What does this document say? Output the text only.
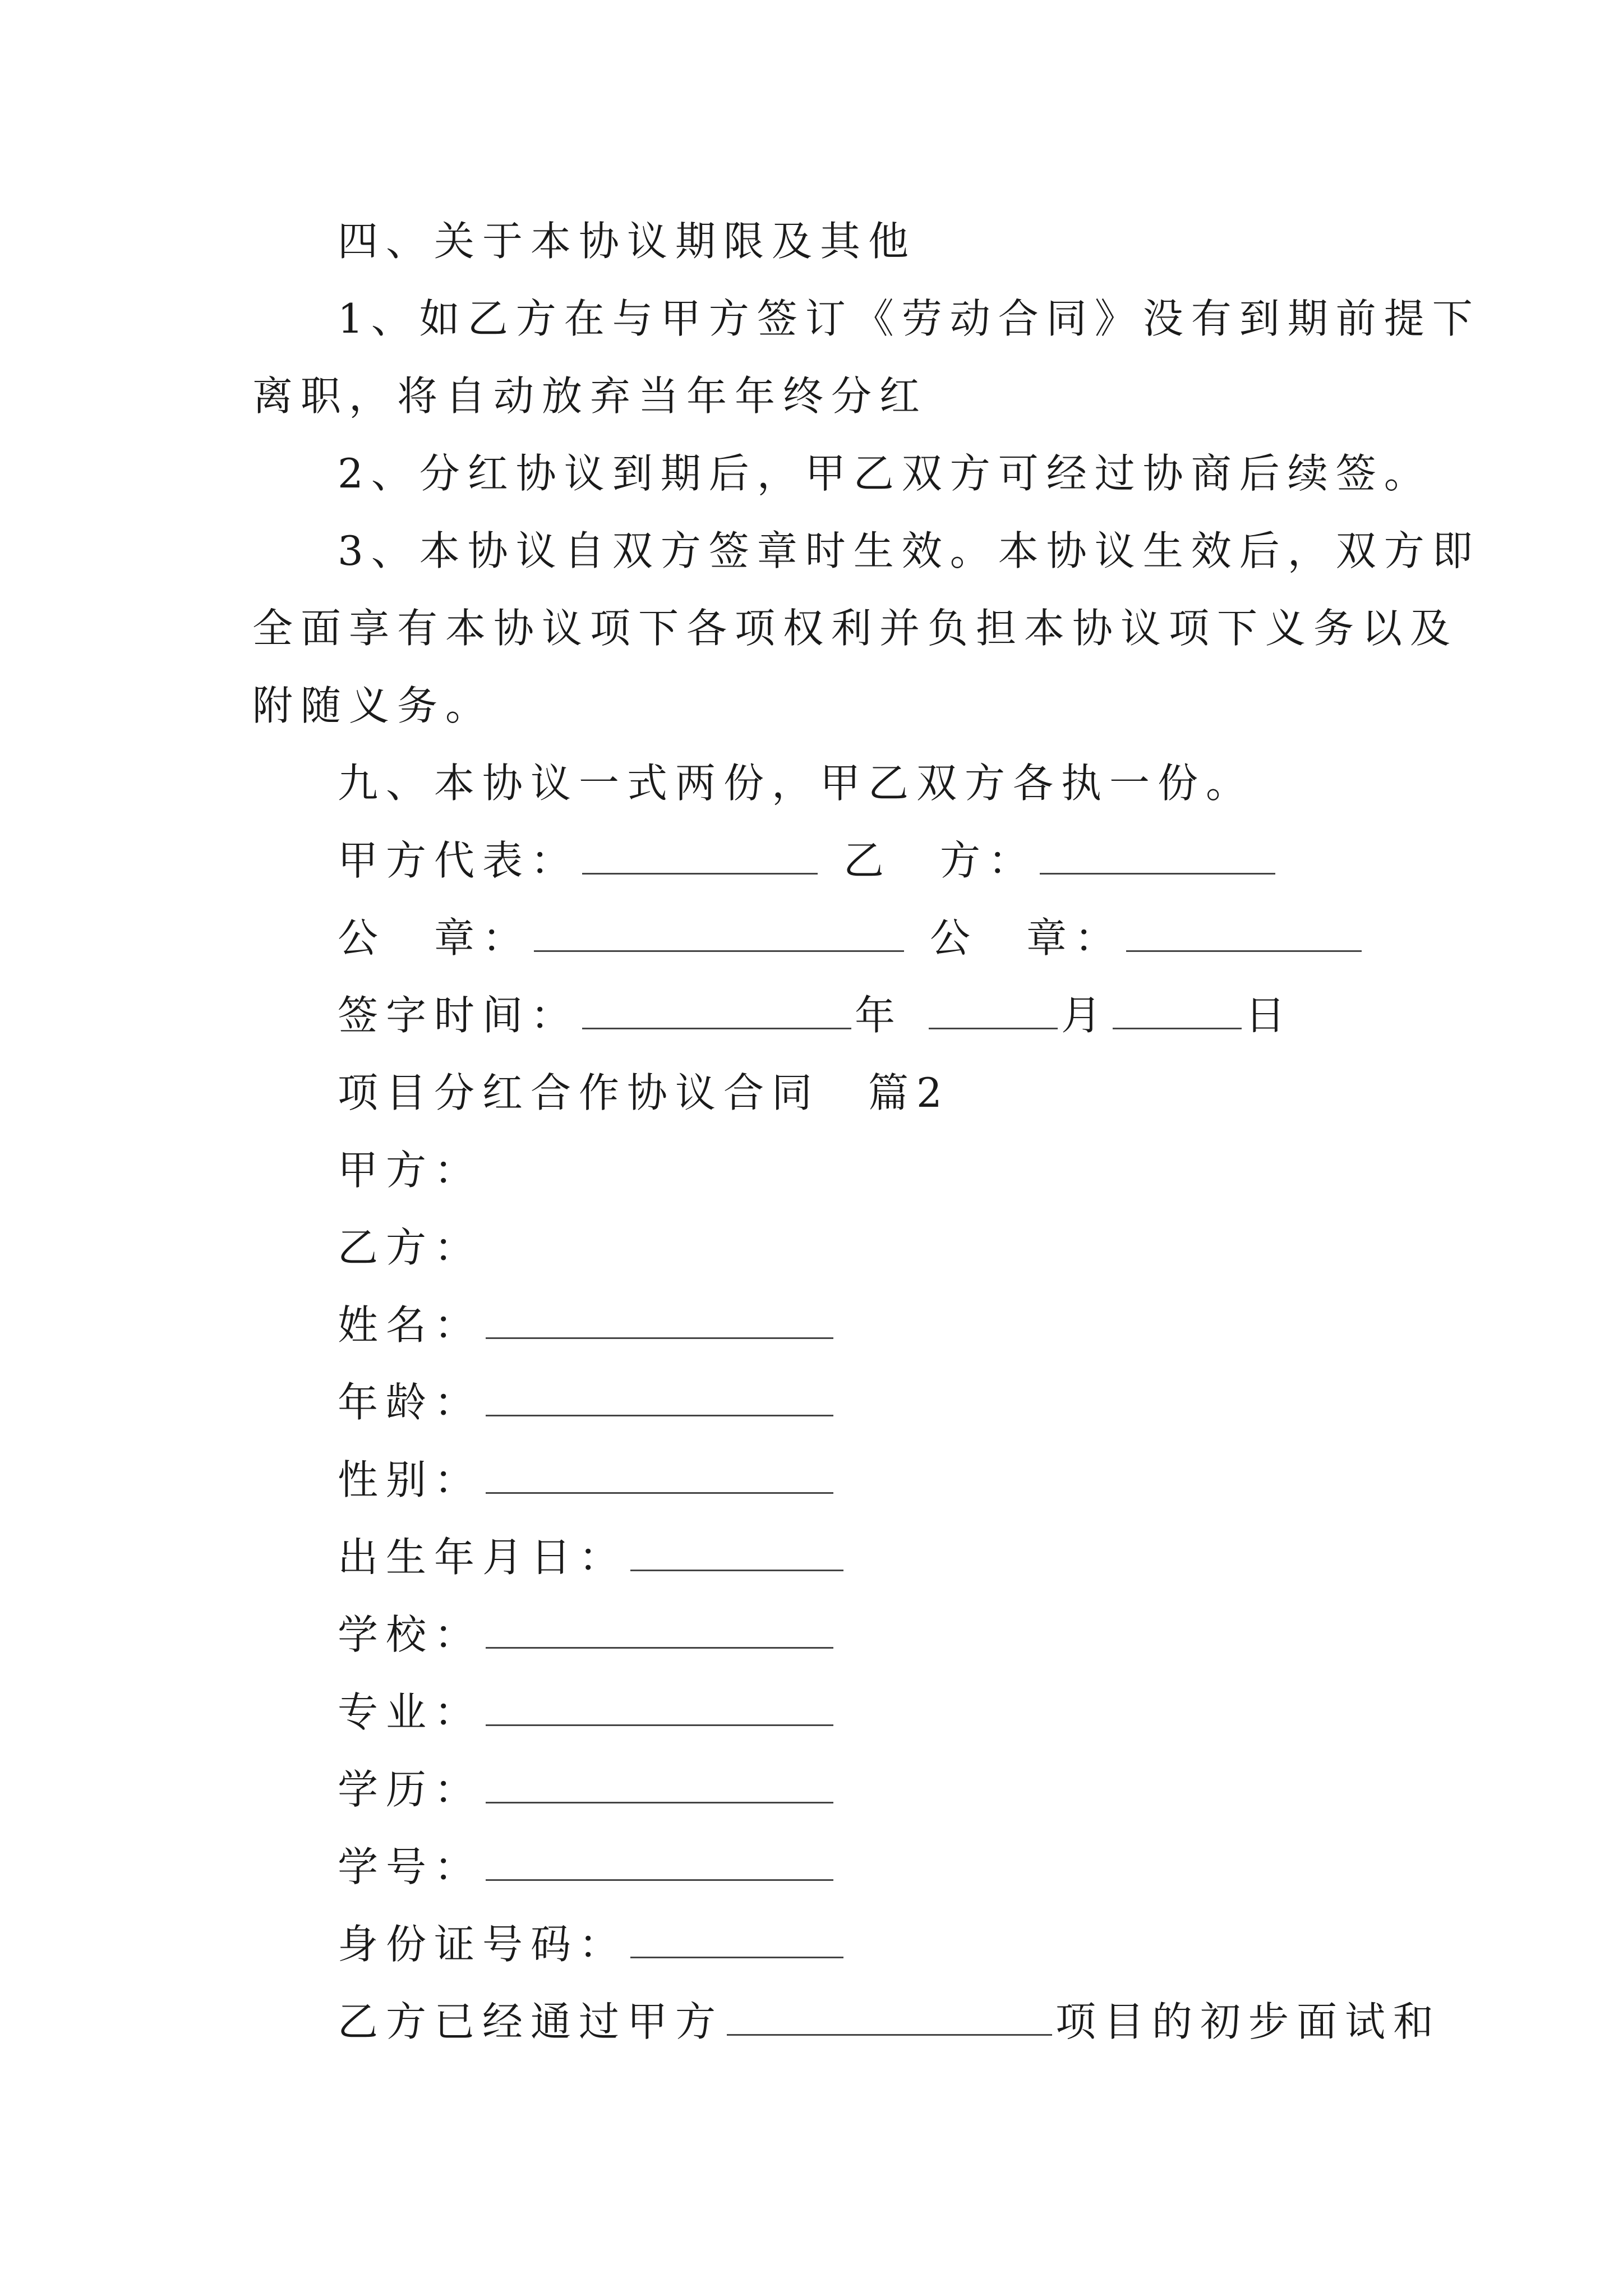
四、关于本协议期限及其他
1、如乙方在与甲方签订《劳动合同》没有到期前提下
离职，将自动放弃当年年终分红
2、分红协议到期后，甲乙双方可经过协商后续签。
3、本协议自双方签章时生效。本协议生效后，双方即
全面享有本协议项下各项权利并负担本协议项下义务以及
附随义务。
九、本协议一式两份，甲乙双方各执一份。
甲方代表：	乙　方：
公　章：	公　章：
签字时间：	年	月	日
项目分红合作协议合同　篇2
甲方：
乙方：
姓名：
年龄：
性别：
出生年月日：
学校：
专业：
学历：
学号：
身份证号码：
乙方已经通过甲方	项目的初步面试和
